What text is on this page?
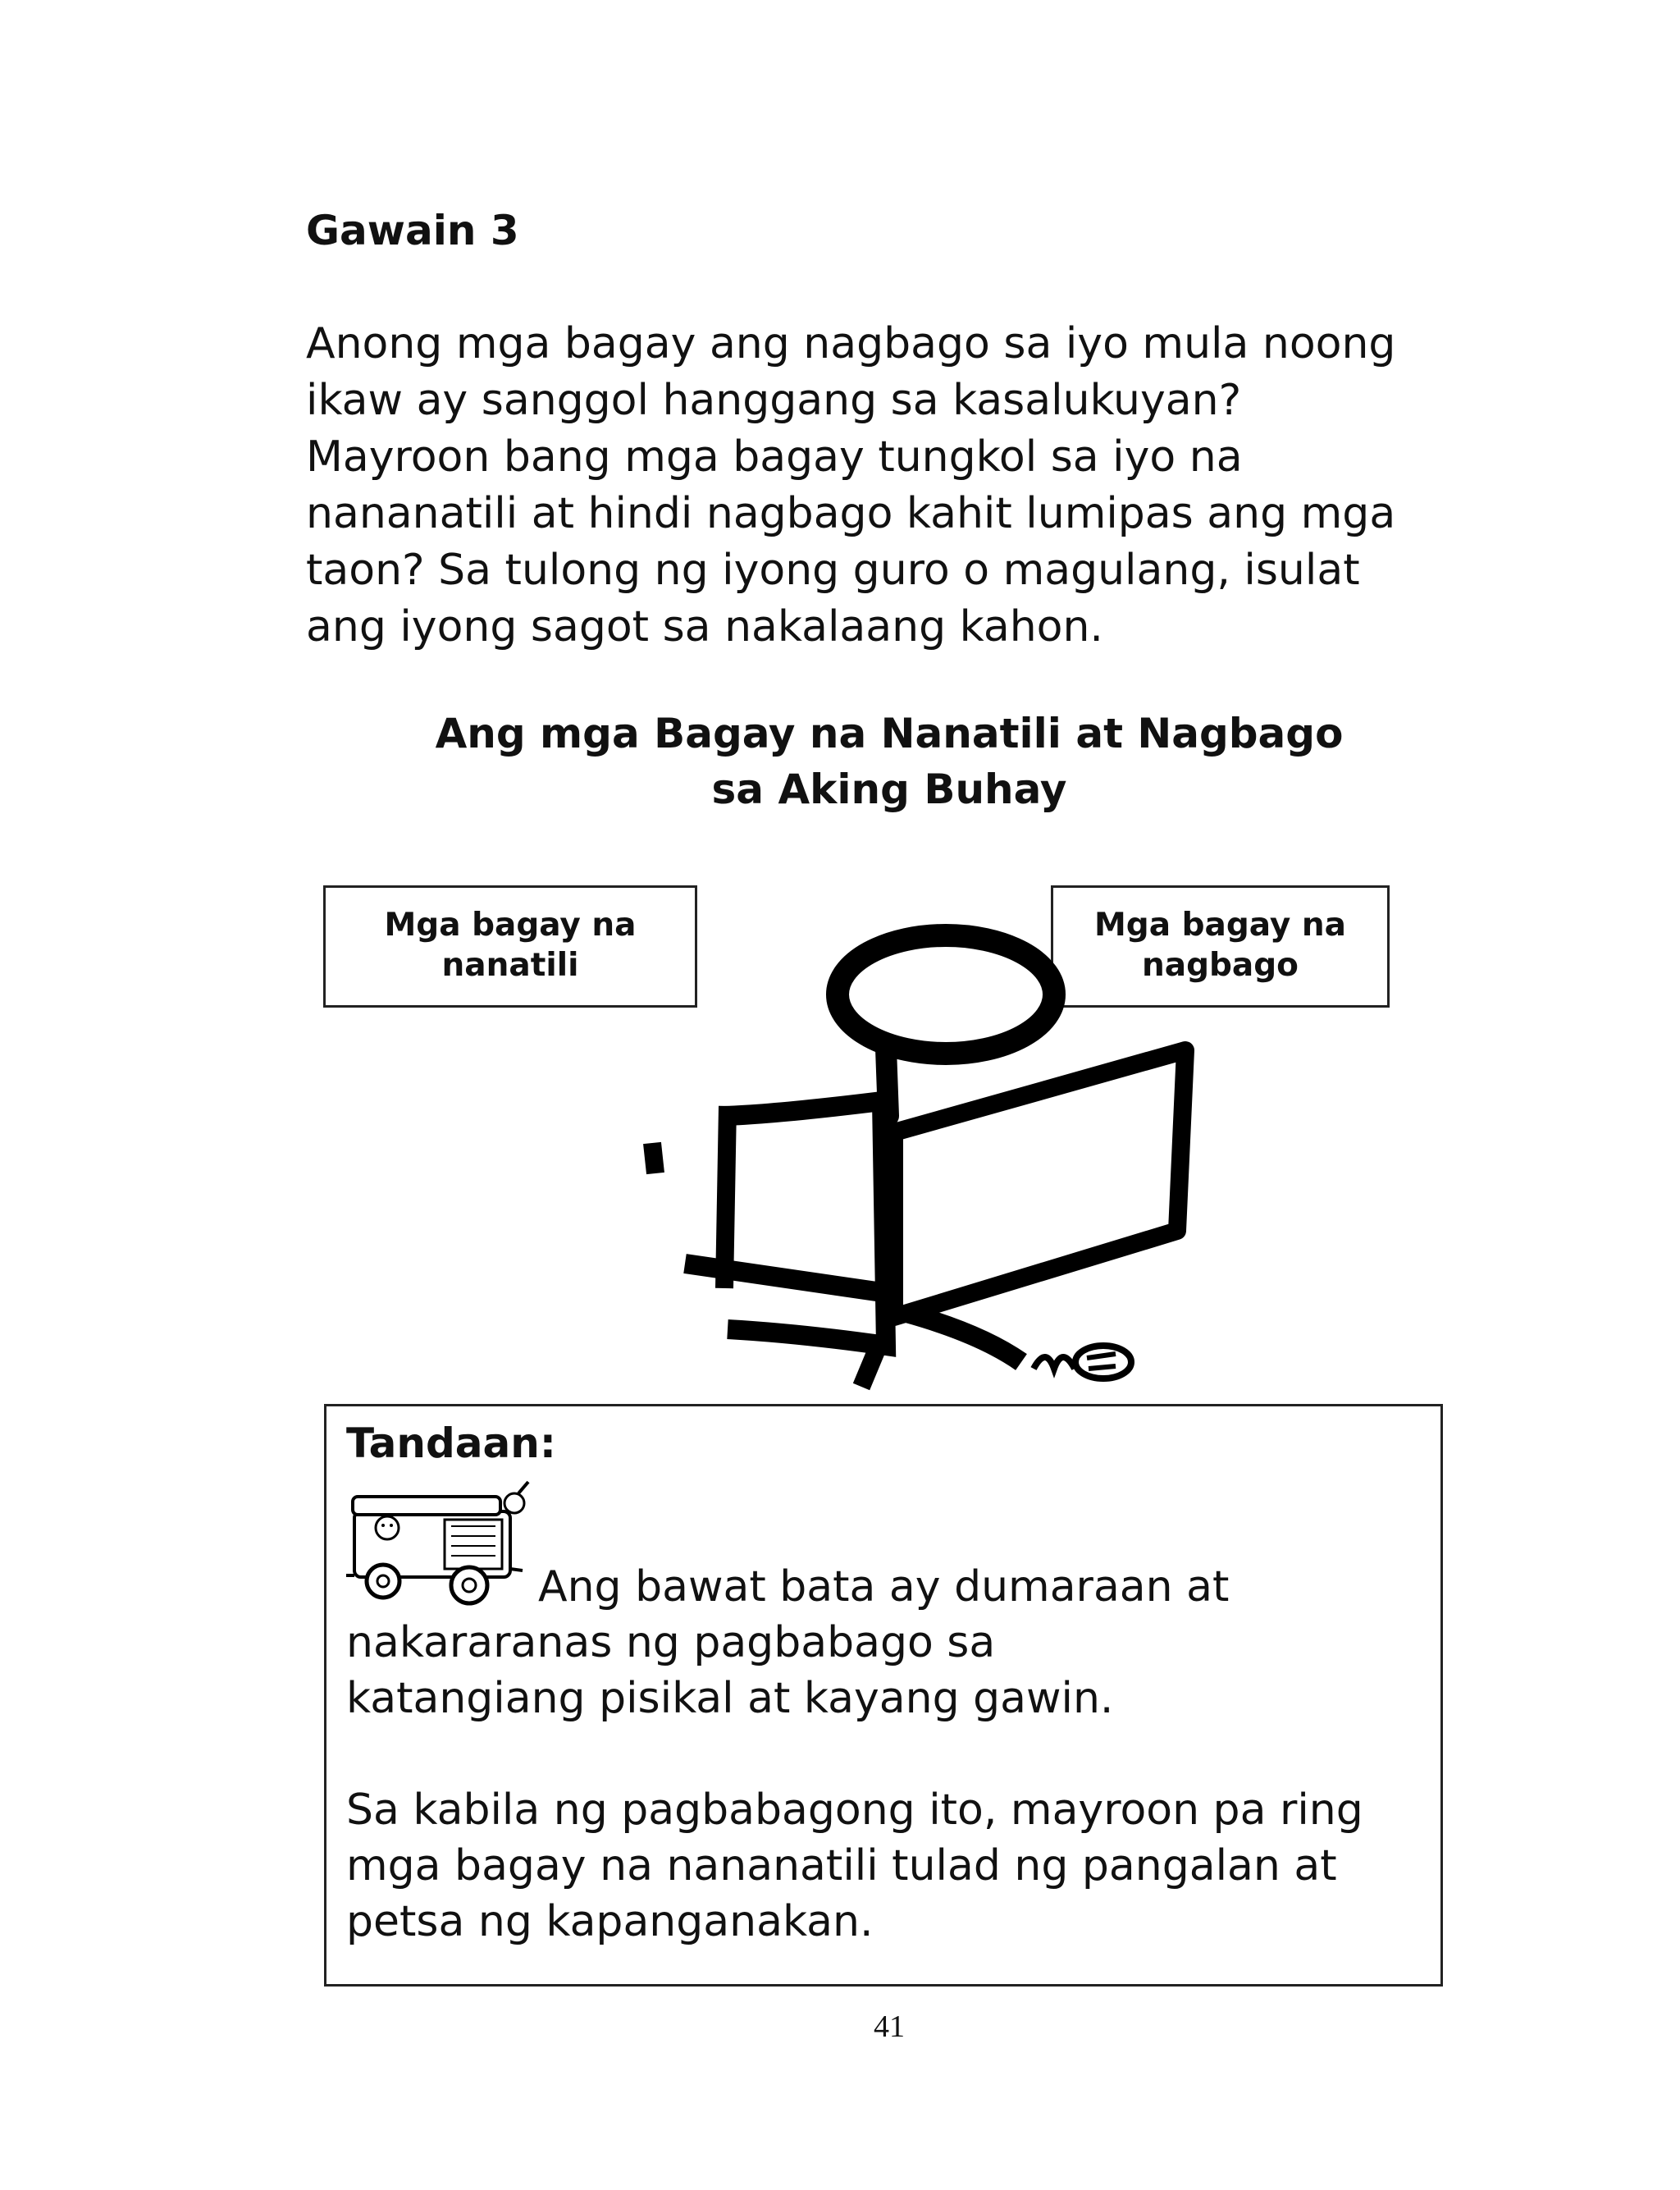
Gawain 3

Anong mga bagay ang nagbago sa iyo mula noong
ikaw ay sanggol hanggang sa kasalukuyan?
Mayroon bang mga bagay tungkol sa iyo na
nananatili at hindi nagbago kahit lumipas ang mga
taon? Sa tulong ng iyong guro o magulang, isulat
ang iyong sagot sa nakalaang kahon.

Ang mga Bagay na Nanatili at Nagbago
sa Aking Buhay
Mga bagay na
nanatili
Mga bagay na
nagbago
Tandaan:
Ang bawat bata ay dumaraan at
nakararanas ng pagbabago sa
katangiang pisikal at kayang gawin.
Sa kabila ng pagbabagong ito, mayroon pa ring
mga bagay na nananatili tulad ng pangalan at
petsa ng kapanganakan.
41
